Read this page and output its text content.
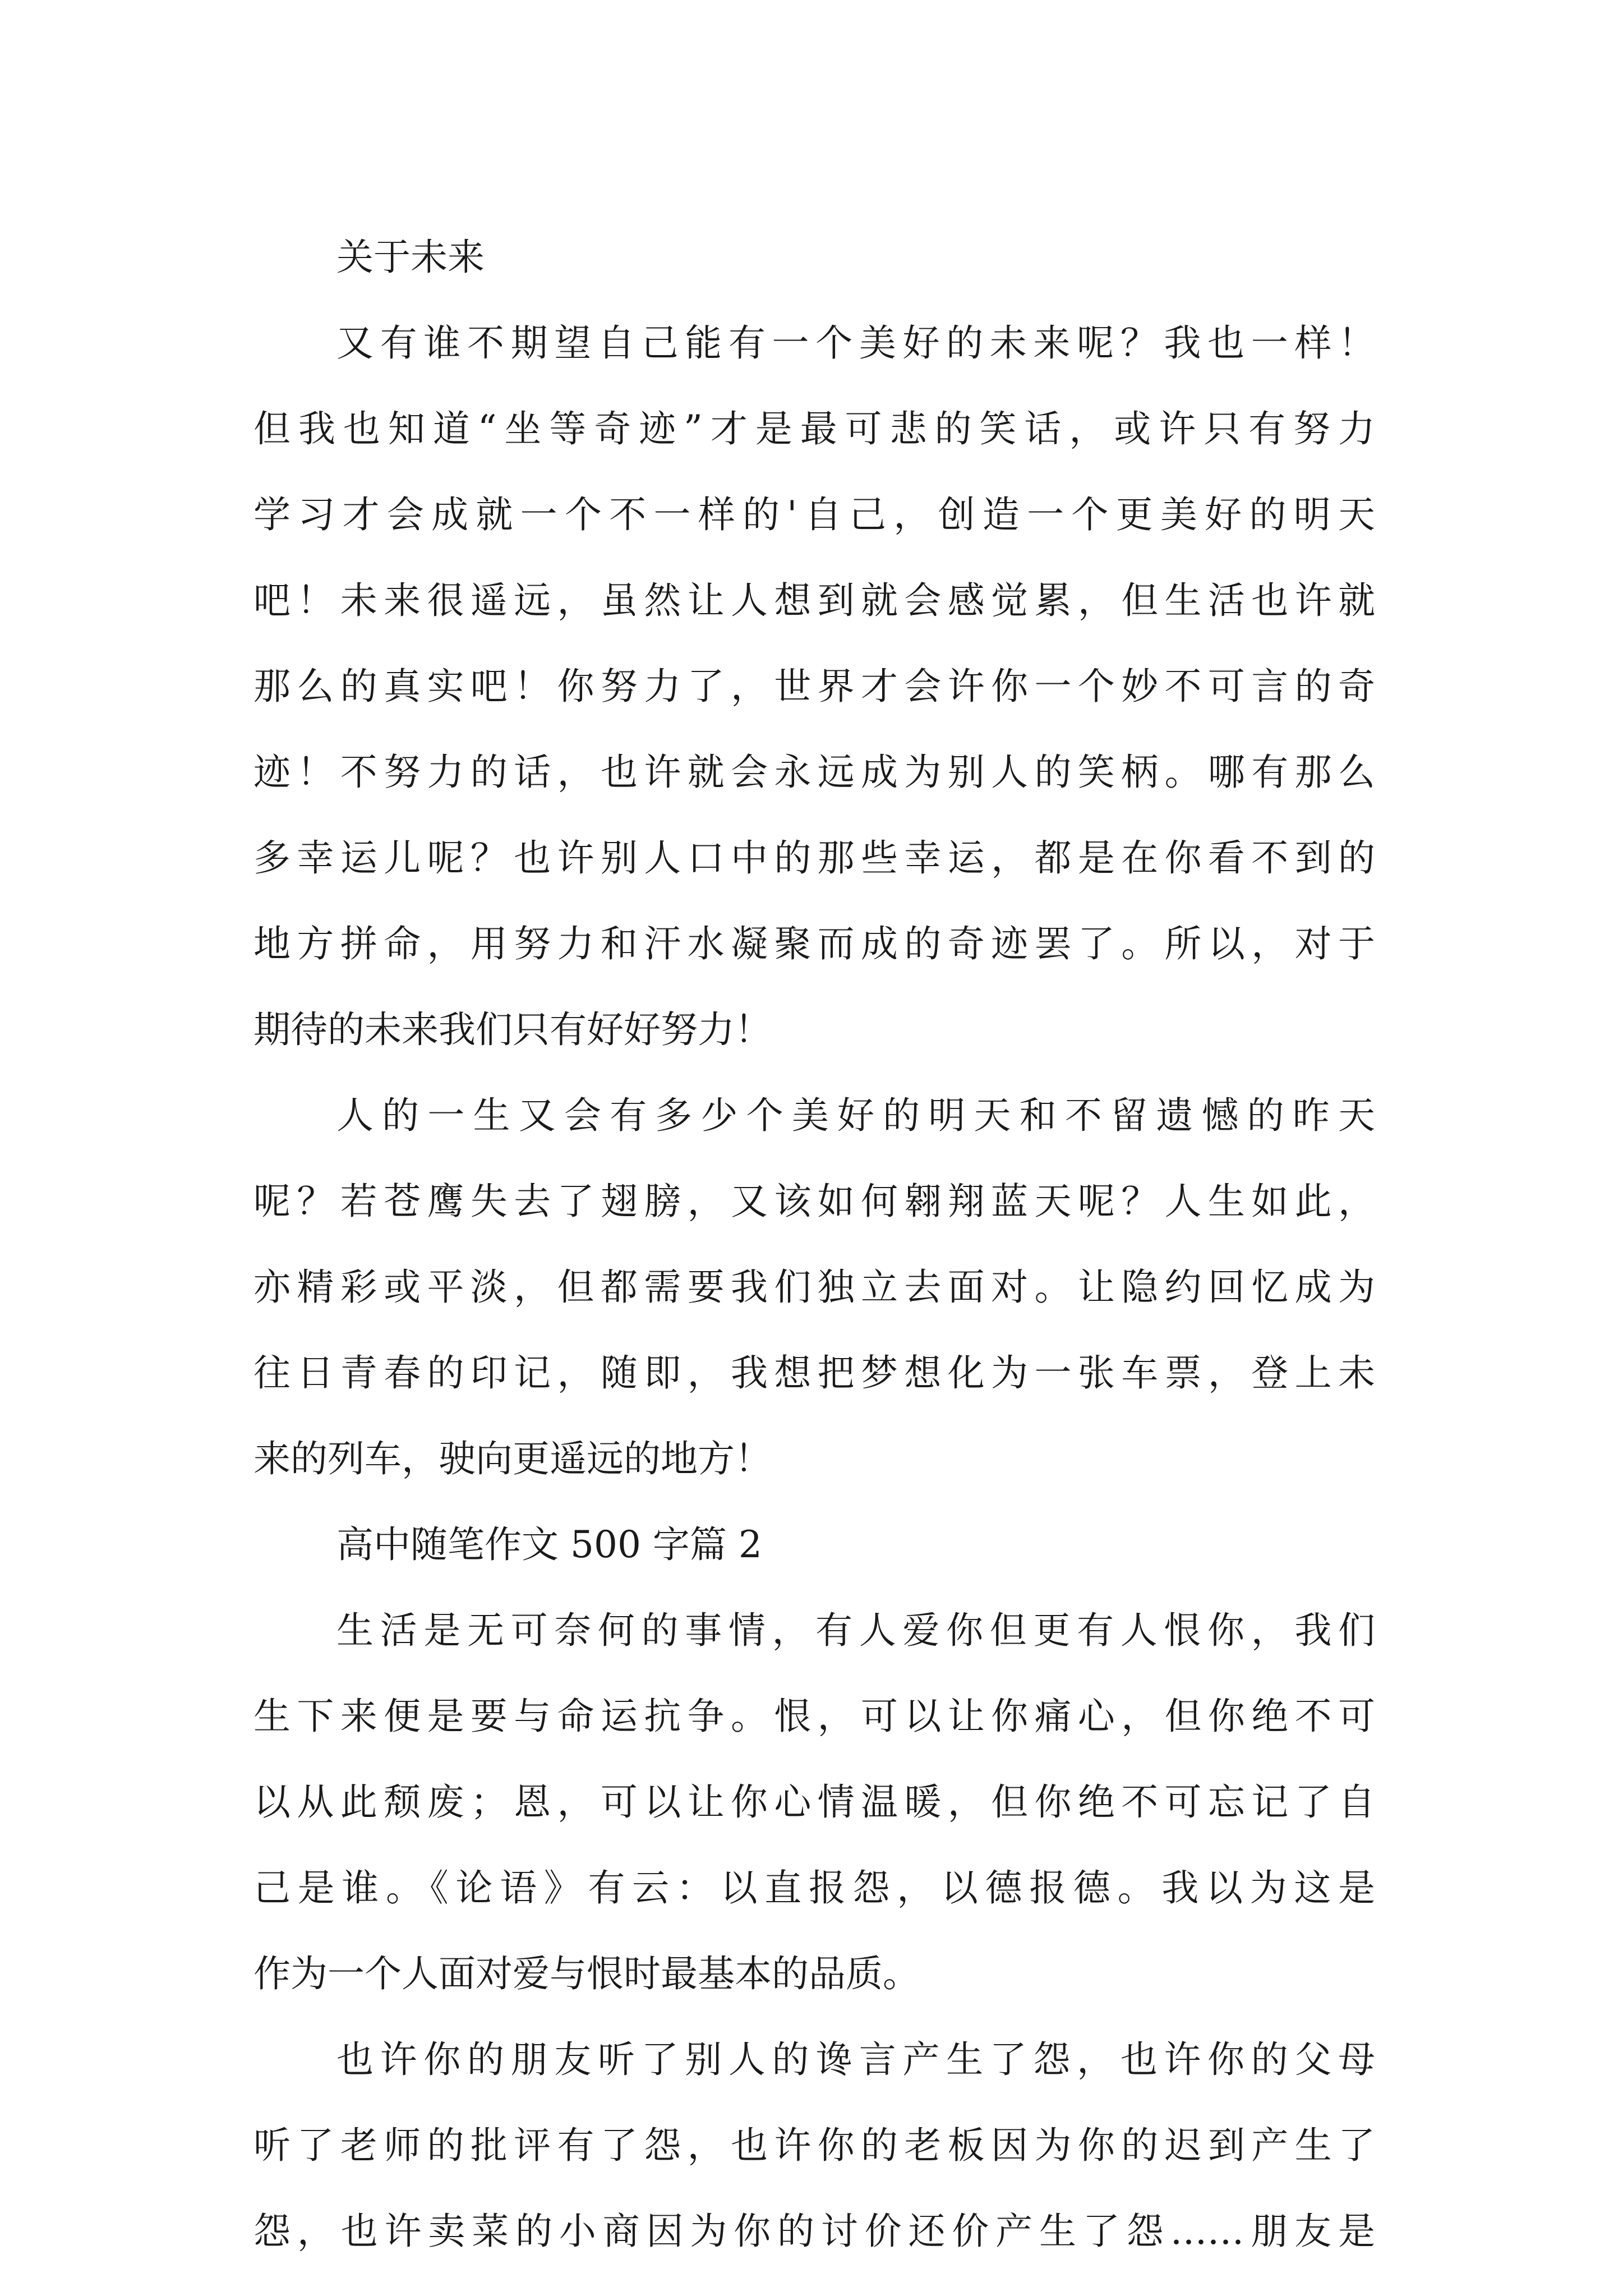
关于未来
又有谁不期望自己能有一个美好的未来呢？我也一样！
但我也知道“坐等奇迹”才是最可悲的笑话，或许只有努力
学习才会成就一个不一样的'自己，创造一个更美好的明天
吧！未来很遥远，虽然让人想到就会感觉累，但生活也许就
那么的真实吧！你努力了，世界才会许你一个妙不可言的奇
迹！不努力的话，也许就会永远成为别人的笑柄。哪有那么
多幸运儿呢？也许别人口中的那些幸运，都是在你看不到的
地方拼命，用努力和汗水凝聚而成的奇迹罢了。所以，对于
期待的未来我们只有好好努力！
人的一生又会有多少个美好的明天和不留遗憾的昨天
呢？若苍鹰失去了翅膀，又该如何翱翔蓝天呢？人生如此，
亦精彩或平淡，但都需要我们独立去面对。让隐约回忆成为
往日青春的印记，随即，我想把梦想化为一张车票，登上未
来的列车，驶向更遥远的地方！
高中随笔作文 500 字篇 2
生活是无可奈何的事情，有人爱你但更有人恨你，我们
生下来便是要与命运抗争。恨，可以让你痛心，但你绝不可
以从此颓废；恩，可以让你心情温暖，但你绝不可忘记了自
己是谁。《论语》有云：以直报怨，以德报德。我以为这是
作为一个人面对爱与恨时最基本的品质。
也许你的朋友听了别人的谗言产生了怨，也许你的父母
听了老师的批评有了怨，也许你的老板因为你的迟到产生了
怨，也许卖菜的小商因为你的讨价还价产生了怨……朋友是
